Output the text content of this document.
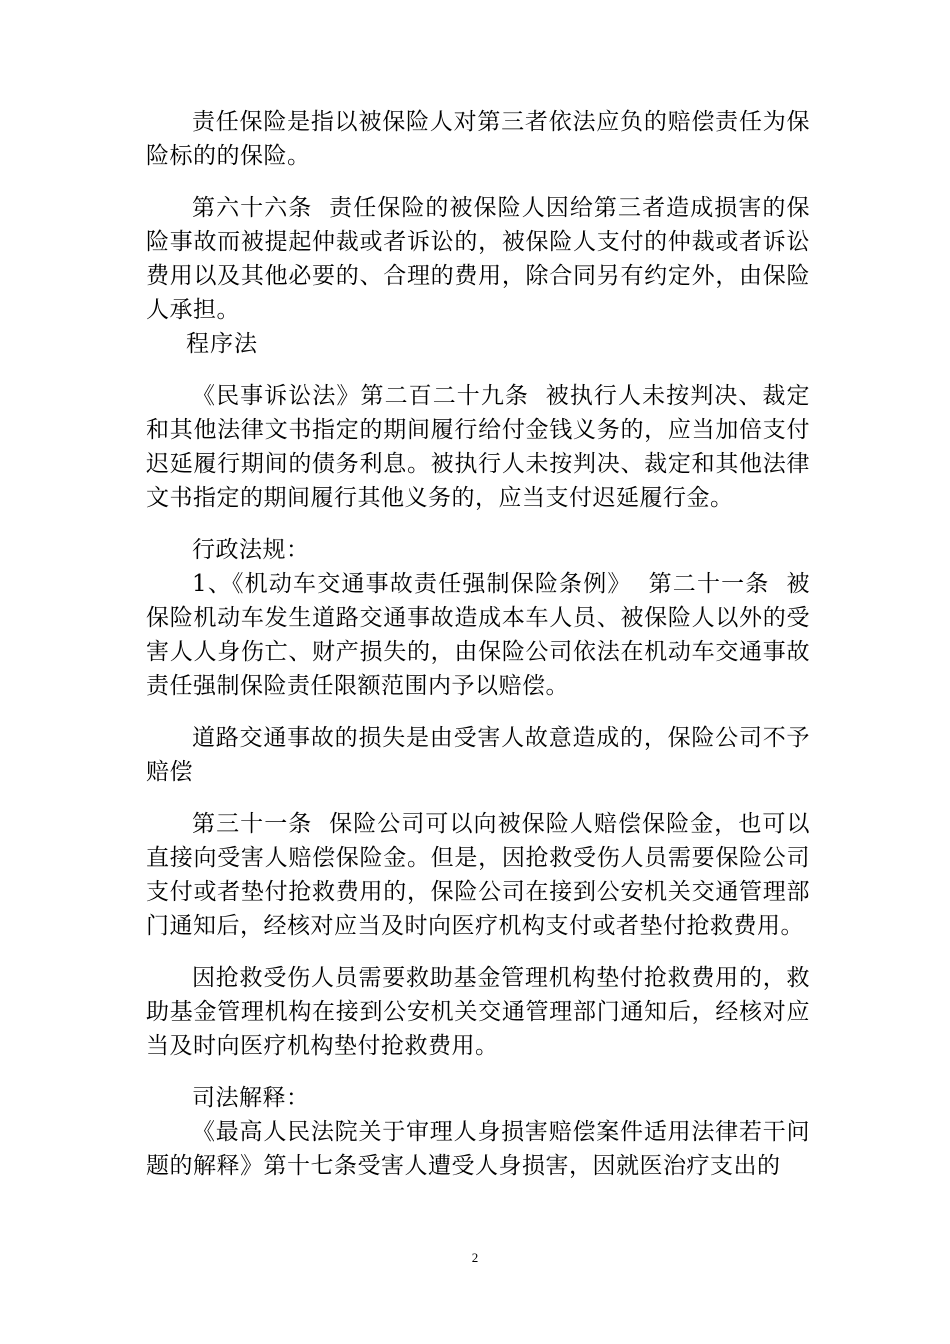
责任保险是指以被保险人对第三者依法应负的赔偿责任为保险标的的保险。

第六十六条  责任保险的被保险人因给第三者造成损害的保险事故而被提起仲裁或者诉讼的，被保险人支付的仲裁或者诉讼费用以及其他必要的、合理的费用，除合同另有约定外，由保险人承担。

程序法

《民事诉讼法》第二百二十九条  被执行人未按判决、裁定和其他法律文书指定的期间履行给付金钱义务的，应当加倍支付迟延履行期间的债务利息。被执行人未按判决、裁定和其他法律文书指定的期间履行其他义务的，应当支付迟延履行金。

行政法规：

1、《机动车交通事故责任强制保险条例》  第二十一条  被保险机动车发生道路交通事故造成本车人员、被保险人以外的受害人人身伤亡、财产损失的，由保险公司依法在机动车交通事故责任强制保险责任限额范围内予以赔偿。

道路交通事故的损失是由受害人故意造成的，保险公司不予赔偿

第三十一条  保险公司可以向被保险人赔偿保险金，也可以直接向受害人赔偿保险金。但是，因抢救受伤人员需要保险公司支付或者垫付抢救费用的，保险公司在接到公安机关交通管理部门通知后，经核对应当及时向医疗机构支付或者垫付抢救费用。

因抢救受伤人员需要救助基金管理机构垫付抢救费用的，救助基金管理机构在接到公安机关交通管理部门通知后，经核对应当及时向医疗机构垫付抢救费用。

司法解释：

《最高人民法院关于审理人身损害赔偿案件适用法律若干问题的解释》第十七条受害人遭受人身损害，因就医治疗支出的

2
